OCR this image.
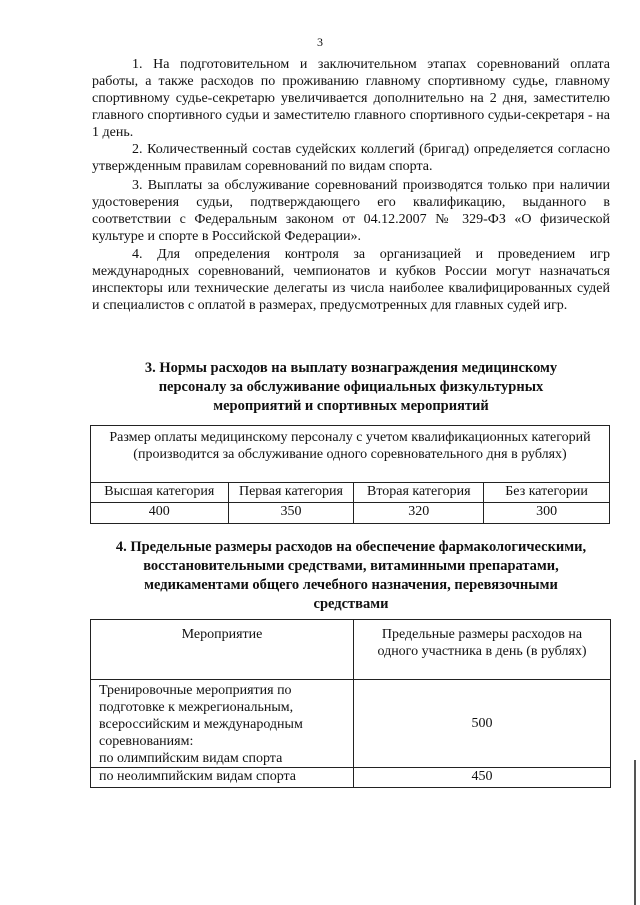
3

1. На подготовительном и заключительном этапах соревнований оплата работы, а также расходов по проживанию главному спортивному судье, главному спортивному судье-секретарю увеличивается дополнительно на 2 дня, заместителю главного спортивного судьи и заместителю главного спортивного судьи-секретаря - на 1 день.

2. Количественный состав судейских коллегий (бригад) определяется согласно утвержденным правилам соревнований по видам спорта.

3. Выплаты за обслуживание соревнований производятся только при наличии удостоверения судьи, подтверждающего его квалификацию, выданного в соответствии с Федеральным законом от 04.12.2007 № 329-ФЗ «О физической культуре и спорте в Российской Федерации».

4. Для определения контроля за организацией и проведением игр международных соревнований, чемпионатов и кубков России могут назначаться инспекторы или технические делегаты из числа наиболее квалифицированных судей и специалистов с оплатой в размерах, предусмотренных для главных судей игр.

3. Нормы расходов на выплату вознаграждения медицинскому персоналу за обслуживание официальных физкультурных мероприятий и спортивных мероприятий
Размер оплаты медицинскому персоналу с учетом квалификационных категорий (производится за обслуживание одного соревновательного дня в рублях)			
Высшая категория	Первая категория	Вторая категория	Без категории
400	350	320	300
4. Предельные размеры расходов на обеспечение фармакологическими, восстановительными средствами, витаминными препаратами, медикаментами общего лечебного назначения, перевязочными средствами
Мероприятие	Предельные размеры расходов на одного участника в день (в рублях)

Тренировочные мероприятия по подготовке к межрегиональным, всероссийским и международным соревнованиям:
по олимпийским видам спорта	500
по неолимпийским видам спорта	450
